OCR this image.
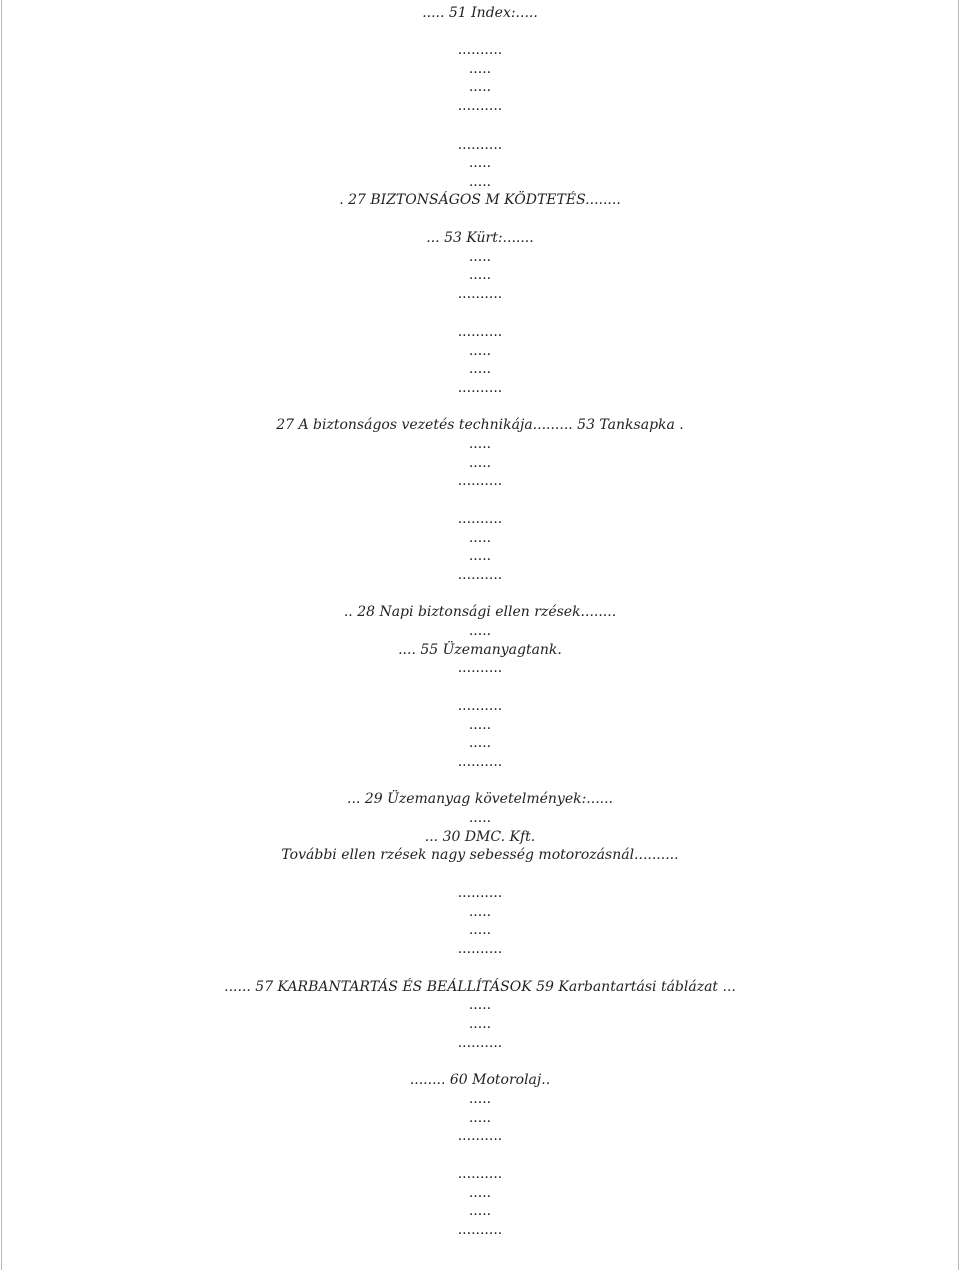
..... 51 Index:.....
..........
.....
.....
..........
..........
.....
.....
. 27 BIZTONSÁGOS M KÖDTETÉS........
... 53 Kürt:.......
.....
.....
..........
..........
.....
.....
..........
27 A biztonságos vezetés technikája......... 53 Tanksapka .
.....
.....
..........
..........
.....
.....
..........
.. 28 Napi biztonsági ellen rzések........
.....
.... 55 Üzemanyagtank.
..........
..........
.....
.....
..........
... 29 Üzemanyag követelmények:......
.....
... 30 DMC. Kft.
További ellen rzések nagy sebesség motorozásnál..........
..........
.....
.....
..........
...... 57 KARBANTARTÁS ÉS BEÁLLÍTÁSOK 59 Karbantartási táblázat ...
.....
.....
..........
........ 60 Motorolaj..
.....
.....
..........
..........
.....
.....
..........
